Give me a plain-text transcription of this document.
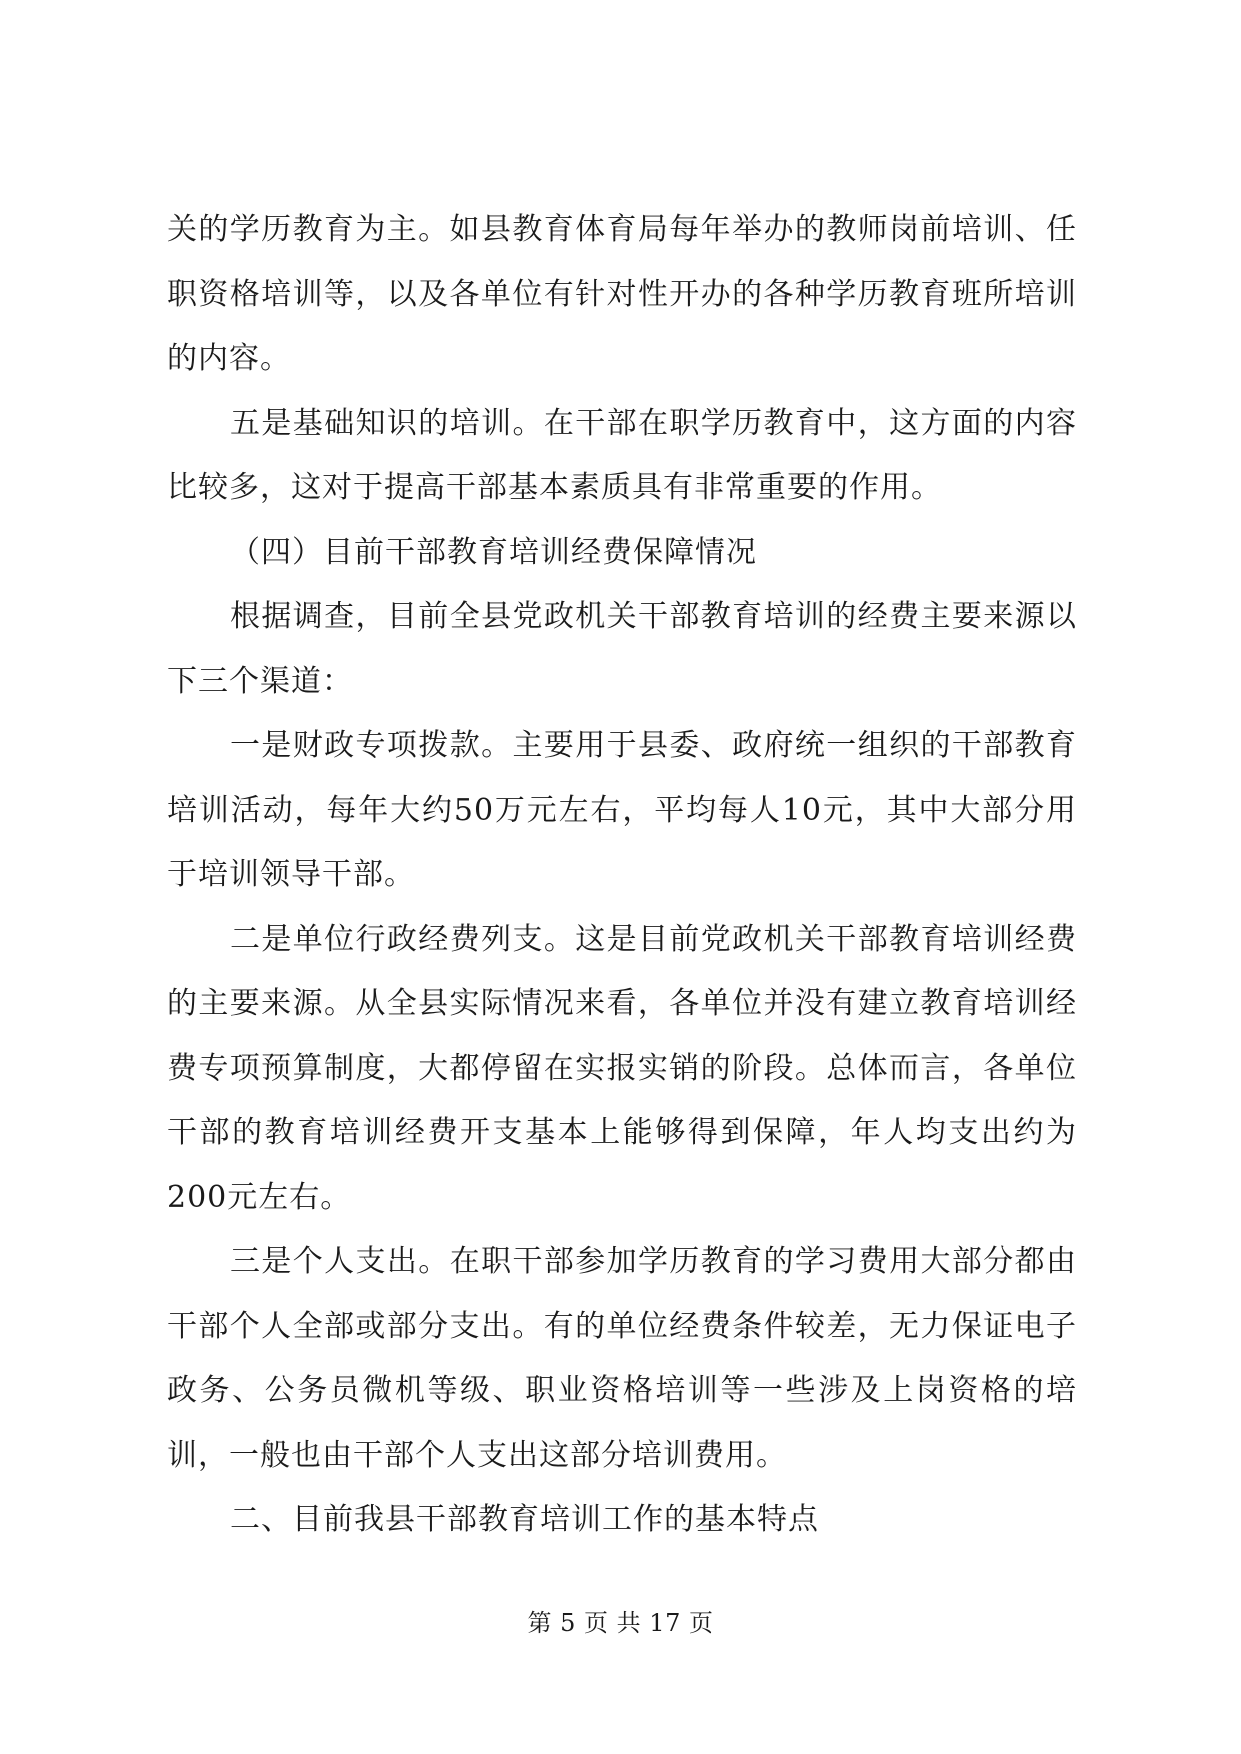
关的学历教育为主。如县教育体育局每年举办的教师岗前培训、任职资格培训等，以及各单位有针对性开办的各种学历教育班所培训的内容。

五是基础知识的培训。在干部在职学历教育中，这方面的内容比较多，这对于提高干部基本素质具有非常重要的作用。

（四）目前干部教育培训经费保障情况

根据调查，目前全县党政机关干部教育培训的经费主要来源以下三个渠道：

一是财政专项拨款。主要用于县委、政府统一组织的干部教育培训活动，每年大约50万元左右，平均每人10元，其中大部分用于培训领导干部。

二是单位行政经费列支。这是目前党政机关干部教育培训经费的主要来源。从全县实际情况来看，各单位并没有建立教育培训经费专项预算制度，大都停留在实报实销的阶段。总体而言，各单位干部的教育培训经费开支基本上能够得到保障，年人均支出约为200元左右。

三是个人支出。在职干部参加学历教育的学习费用大部分都由干部个人全部或部分支出。有的单位经费条件较差，无力保证电子政务、公务员微机等级、职业资格培训等一些涉及上岗资格的培训，一般也由干部个人支出这部分培训费用。

二、目前我县干部教育培训工作的基本特点

第 5 页 共 17 页
